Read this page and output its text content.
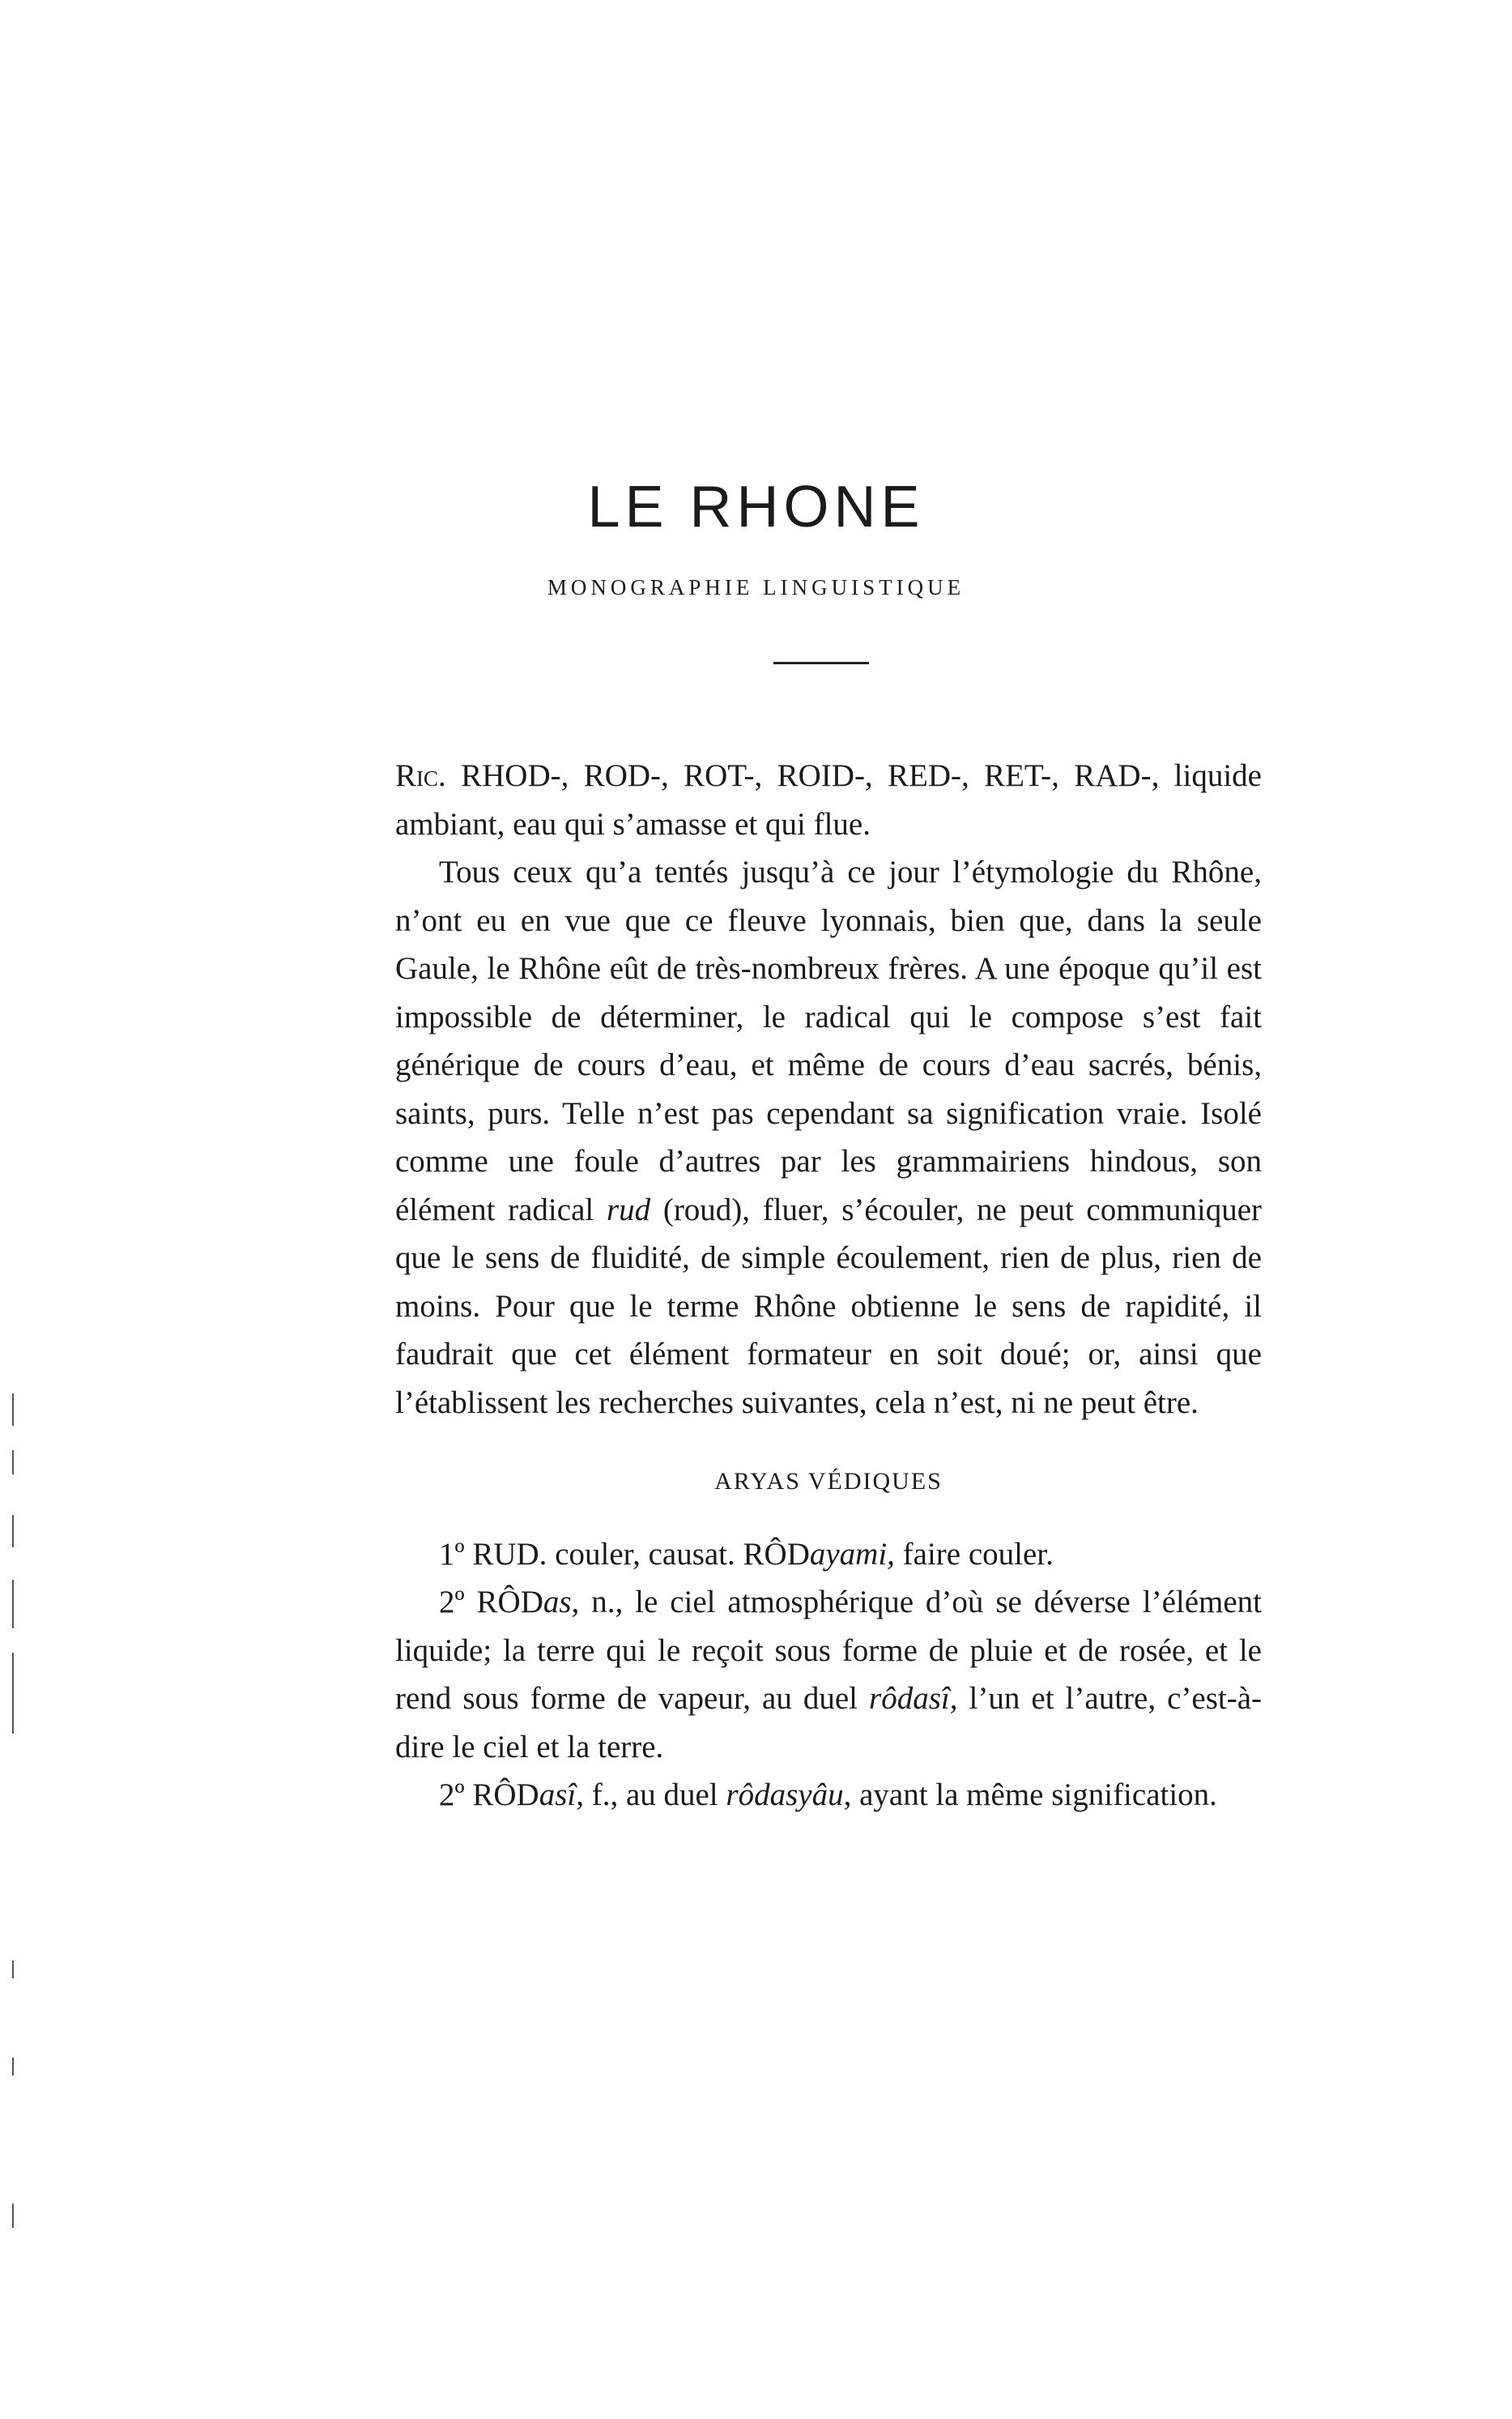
LE RHONE
MONOGRAPHIE LINGUISTIQUE

Rıc. RHOD-, ROD-, ROT-, ROID-, RED-, RET-, RAD-, liquide ambiant, eau qui s’amasse et qui flue.

Tous ceux qu’a tentés jusqu’à ce jour l’étymologie du Rhône, n’ont eu en vue que ce fleuve lyonnais, bien que, dans la seule Gaule, le Rhône eût de très-nombreux frères. A une époque qu’il est impossible de déterminer, le radical qui le compose s’est fait générique de cours d’eau, et même de cours d’eau sacrés, bénis, saints, purs. Telle n’est pas cependant sa signification vraie. Isolé comme une foule d’autres par les grammairiens hindous, son élément radical rud (roud), fluer, s’écouler, ne peut communiquer que le sens de fluidité, de simple écoulement, rien de plus, rien de moins. Pour que le terme Rhône obtienne le sens de rapidité, il faudrait que cet élément formateur en soit doué; or, ainsi que l’établissent les recherches suivantes, cela n’est, ni ne peut être.

ARYAS VÉDIQUES

1º RUD. couler, causat. RÔDayami, faire couler.

2º RÔDas, n., le ciel atmosphérique d’où se déverse l’élément liquide; la terre qui le reçoit sous forme de pluie et de rosée, et le rend sous forme de vapeur, au duel rôdasî, l’un et l’autre, c’est-à-dire le ciel et la terre.

2º RÔDasî, f., au duel rôdasyâu, ayant la même signification.
